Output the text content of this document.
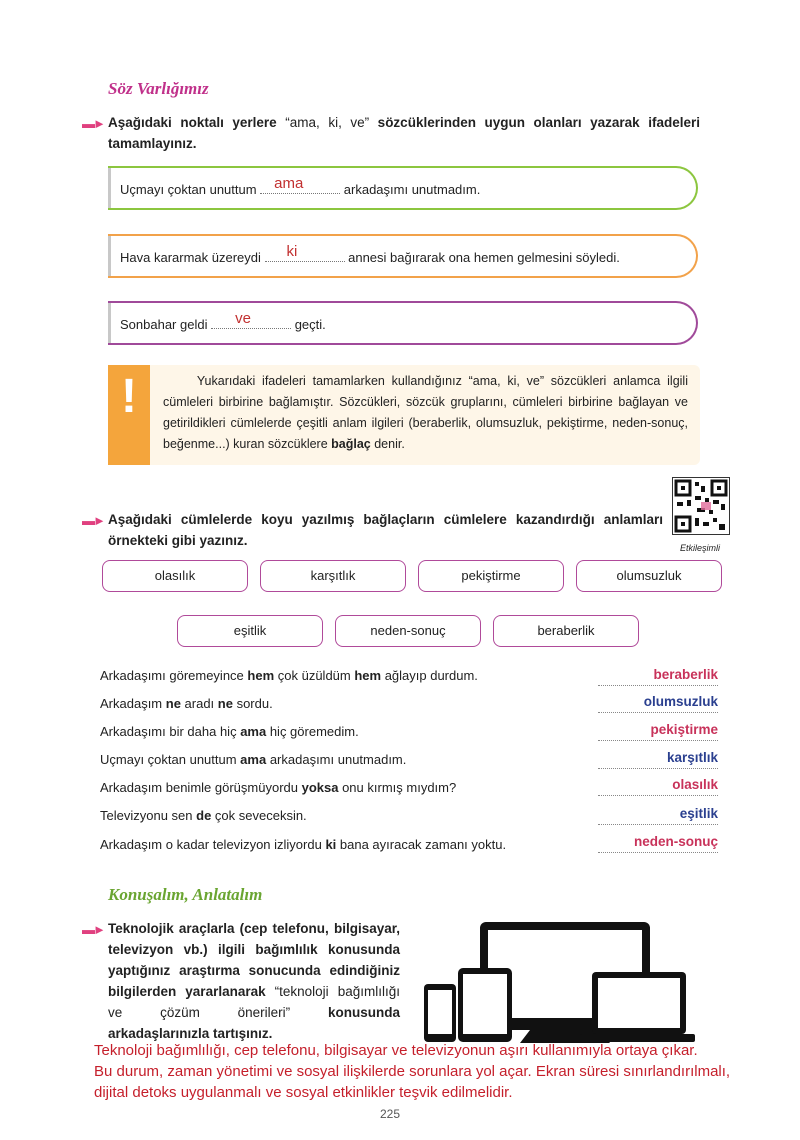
Söz Varlığımız
▬► Aşağıdaki noktalı yerlere “ama, ki, ve” sözcüklerinden uygun olanları yazarak ifadeleri tamamlayınız.
Uçmayı çoktan unuttum ama	arkadaşımı unutmadım.
Hava kararmak üzereydi ki	annesi bağırarak ona hemen gelmesini söyledi.
Sonbahar geldi ve	geçti.
!	Yukarıdaki ifadeleri tamamlarken kullandığınız “ama, ki, ve” sözcükleri anlamca ilgili cümleleri birbirine bağlamıştır. Sözcükleri, sözcük gruplarını, cümleleri birbirine bağlayan ve getirildikleri cümlelerde çeşitli anlam ilgileri (beraberlik, olumsuzluk, pekiştirme, neden-sonuç, beğenme...) kuran sözcüklere bağlaç denir.
▬► Aşağıdaki cümlelerde koyu yazılmış bağlaçların cümlelere kazandırdığı anlamları örnekteki gibi yazınız.	Etkileşimli
olasılık	karşıtlık	pekiştirme	olumsuzluk
eşitlik	neden-sonuç	beraberlik
Arkadaşımı göremeyince hem çok üzüldüm hem ağlayıp durdum.	beraberlik
Arkadaşım ne aradı ne sordu.	olumsuzluk
Arkadaşımı bir daha hiç ama hiç göremedim.	pekiştirme
Uçmayı çoktan unuttum ama arkadaşımı unutmadım.	karşıtlık
Arkadaşım benimle görüşmüyordu yoksa onu kırmış mıydım?	olasılık
Televizyonu sen de çok seveceksin.	eşitlik
Arkadaşım o kadar televizyon izliyordu ki bana ayıracak zamanı yoktu.	neden-sonuç
Konuşalım, Anlatalım
▬► Teknolojik araçlarla (cep telefonu, bilgisayar, televizyon vb.) ilgili bağımlılık konusunda yaptığınız araştırma sonucunda edindiğiniz bilgilerden yararlanarak “teknoloji bağımlılığı ve çözüm önerileri” konusunda arkadaşlarınızla tartışınız.
Teknoloji bağımlılığı, cep telefonu, bilgisayar ve televizyonun aşırı kullanımıyla ortaya çıkar.
Bu durum, zaman yönetimi ve sosyal ilişkilerde sorunlara yol açar. Ekran süresi sınırlandırılmalı,
dijital detoks uygulanmalı ve sosyal etkinlikler teşvik edilmelidir.
225
